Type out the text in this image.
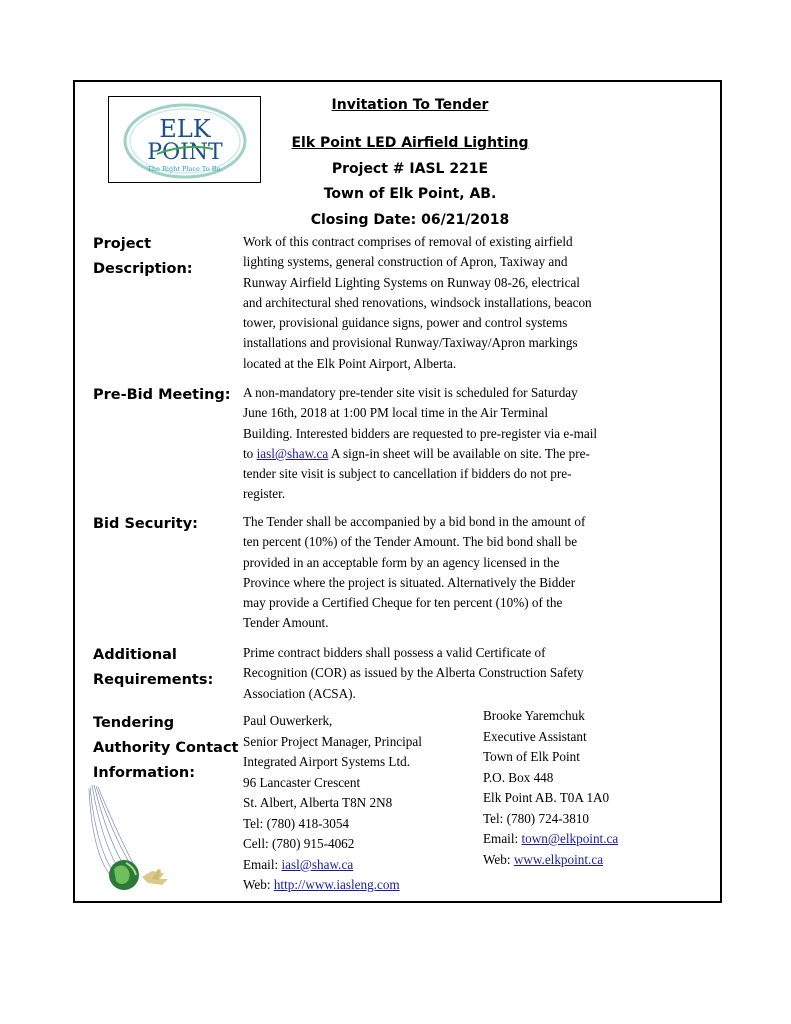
ELK
POINT
The Right Place To Be.
Invitation To Tender
Elk Point LED Airfield Lighting
Project # IASL 221E
Town of Elk Point, AB.
Closing Date: 06/21/2018
Project
Description:
Work of this contract comprises of removal of existing airfield
lighting systems, general construction of Apron, Taxiway and
Runway Airfield Lighting Systems on Runway 08-26, electrical
and architectural shed renovations, windsock installations, beacon
tower, provisional guidance signs, power and control systems
installations and provisional Runway/Taxiway/Apron markings
located at the Elk Point Airport, Alberta.
Pre-Bid Meeting: A non-mandatory pre-tender site visit is scheduled for Saturday
June 16th, 2018 at 1:00 PM local time in the Air Terminal
Building. Interested bidders are requested to pre-register via e-mail
to iasl@shaw.ca A sign-in sheet will be available on site. The pre-
tender site visit is subject to cancellation if bidders do not pre-
register.
Bid Security:	The Tender shall be accompanied by a bid bond in the amount of
ten percent (10%) of the Tender Amount. The bid bond shall be
provided in an acceptable form by an agency licensed in the
Province where the project is situated. Alternatively the Bidder
may provide a Certified Cheque for ten percent (10%) of the
Tender Amount.
Additional
Requirements:
Prime contract bidders shall possess a valid Certificate of
Recognition (COR) as issued by the Alberta Construction Safety
Association (ACSA).
Tendering
Authority Contact
Information:
Paul Ouwerkerk,
Senior Project Manager, Principal
Integrated Airport Systems Ltd.
96 Lancaster Crescent
St. Albert, Alberta T8N 2N8
Tel: (780) 418-3054
Cell: (780) 915-4062
Email: iasl@shaw.ca
Web: http://www.iasleng.com
Brooke Yaremchuk
Executive Assistant
Town of Elk Point
P.O. Box 448
Elk Point AB. T0A 1A0
Tel: (780) 724-3810
Email: town@elkpoint.ca
Web: www.elkpoint.ca
